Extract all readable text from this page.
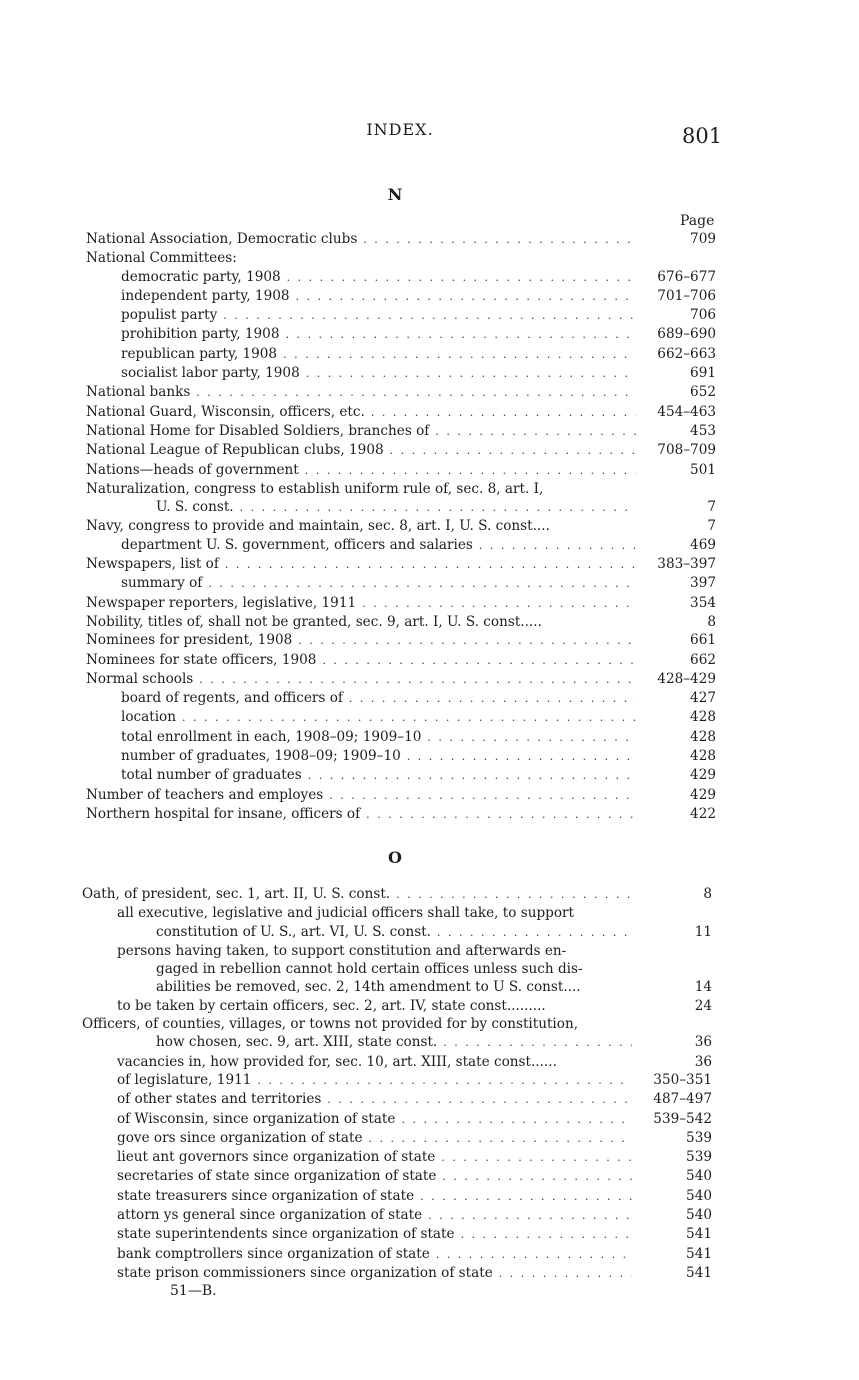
INDEX.	801
N
Page
National Association, Democratic clubs . . .	709
National Committees:
democratic party, 1908 . . .	676–677
independent party, 1908 . . .	701–706
populist party . . .	706
prohibition party, 1908 . . .	689–690
republican party, 1908 . . .	662–663
socialist labor party, 1908 . . .	691
National banks . . .	652
National Guard, Wisconsin, officers, etc. . . .	454–463
National Home for Disabled Soldiers, branches of . . .	453
National League of Republican clubs, 1908 . . .	708–709
Nations—heads of government . . .	501
Naturalization, congress to establish uniform rule of, sec. 8, art. I,
U. S. const. . . .	7
Navy, congress to provide and maintain, sec. 8, art. I, U. S. const....	7
department U. S. government, officers and salaries . . .	469
Newspapers, list of . . .	383–397
summary of . . .	397
Newspaper reporters, legislative, 1911 . . .	354
Nobility, titles of, shall not be granted, sec. 9, art. I, U. S. const.....	8
Nominees for president, 1908 . . .	661
Nominees for state officers, 1908 . . .	662
Normal schools . . .	428–429
board of regents, and officers of . . .	427
location . . .	428
total enrollment in each, 1908–09; 1909–10 . . .	428
number of graduates, 1908–09; 1909–10 . . .	428
total number of graduates . . .	429
Number of teachers and employes . . .	429
Northern hospital for insane, officers of . . .	422
O
Oath, of president, sec. 1, art. II, U. S. const. . . .	8
all executive, legislative and judicial officers shall take, to support
constitution of U. S., art. VI, U. S. const. . . .	11
persons having taken, to support constitution and afterwards en-
gaged in rebellion cannot hold certain offices unless such dis-
abilities be removed, sec. 2, 14th amendment to U S. const....	14
to be taken by certain officers, sec. 2, art. IV, state const.........	24
Officers, of counties, villages, or towns not provided for by constitution,
how chosen, sec. 9, art. XIII, state const. . . .	36
vacancies in, how provided for, sec. 10, art. XIII, state const......	36
of legislature, 1911 . . .	350–351
of other states and territories . . .	487–497
of Wisconsin, since organization of state . . .	539–542
gove ors since organization of state . . .	539
lieut ant governors since organization of state . . .	539
secretaries of state since organization of state . . .	540
state treasurers since organization of state . . .	540
attorn ys general since organization of state . . .	540
state superintendents since organization of state . . .	541
bank comptrollers since organization of state . . .	541
state prison commissioners since organization of state . . .	541
51—B.
